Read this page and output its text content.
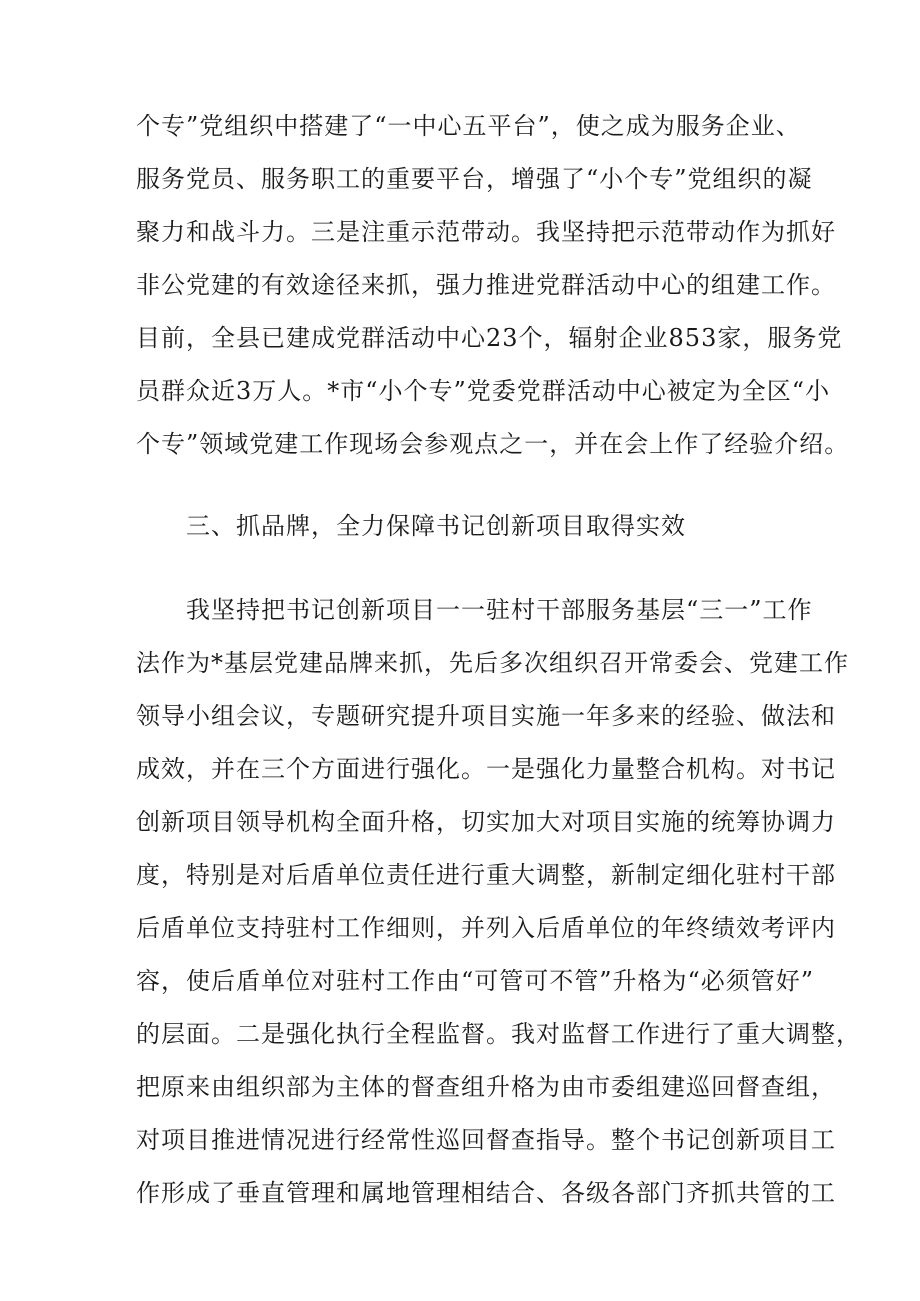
个专”党组织中搭建了“一中心五平台”，使之成为服务企业、
服务党员、服务职工的重要平台，增强了“小个专”党组织的凝
聚力和战斗力。三是注重示范带动。我坚持把示范带动作为抓好
非公党建的有效途径来抓，强力推进党群活动中心的组建工作。
目前，全县已建成党群活动中心23个，辐射企业853家，服务党
员群众近3万人。*市“小个专”党委党群活动中心被定为全区“小
个专”领域党建工作现场会参观点之一，并在会上作了经验介绍。
三、抓品牌，全力保障书记创新项目取得实效
我坚持把书记创新项目一一驻村干部服务基层“三一”工作
法作为*基层党建品牌来抓，先后多次组织召开常委会、党建工作
领导小组会议，专题研究提升项目实施一年多来的经验、做法和
成效，并在三个方面进行强化。一是强化力量整合机构。对书记
创新项目领导机构全面升格，切实加大对项目实施的统筹协调力
度，特别是对后盾单位责任进行重大调整，新制定细化驻村干部
后盾单位支持驻村工作细则，并列入后盾单位的年终绩效考评内
容，使后盾单位对驻村工作由“可管可不管”升格为“必须管好”
的层面。二是强化执行全程监督。我对监督工作进行了重大调整，
把原来由组织部为主体的督查组升格为由市委组建巡回督查组，
对项目推进情况进行经常性巡回督查指导。整个书记创新项目工
作形成了垂直管理和属地管理相结合、各级各部门齐抓共管的工
